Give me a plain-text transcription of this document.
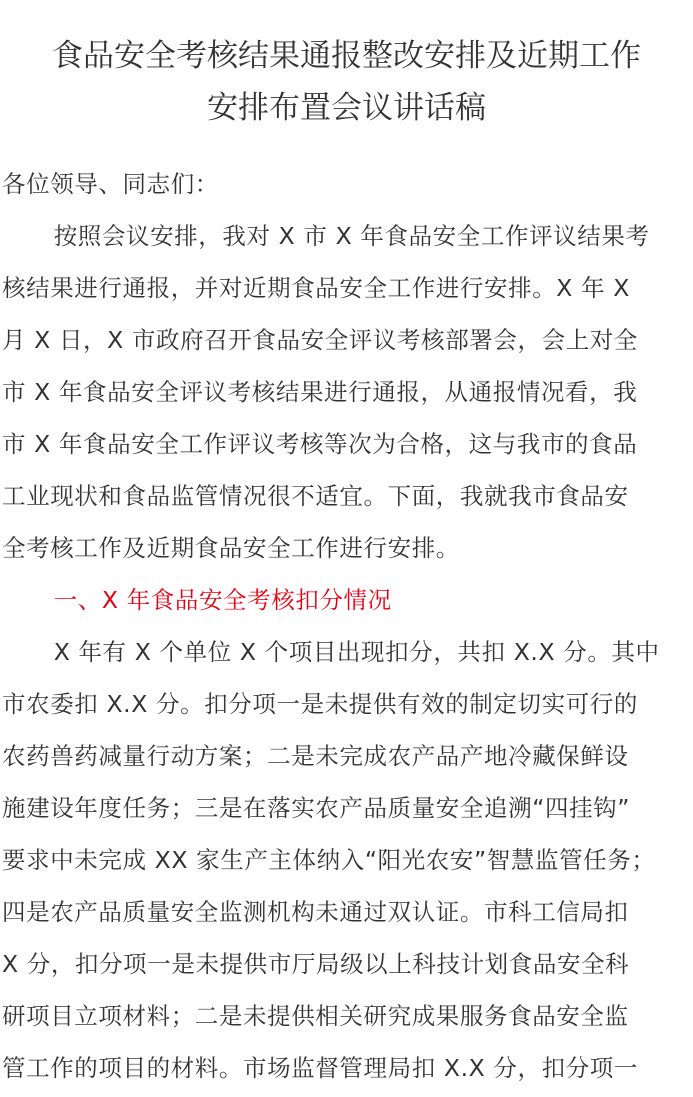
食品安全考核结果通报整改安排及近期工作
安排布置会议讲话稿

各位领导、同志们：

按照会议安排，我对 X 市 X 年食品安全工作评议结果考
核结果进行通报，并对近期食品安全工作进行安排。X 年 X
月 X 日，X 市政府召开食品安全评议考核部署会，会上对全
市 X 年食品安全评议考核结果进行通报，从通报情况看，我
市 X 年食品安全工作评议考核等次为合格，这与我市的食品
工业现状和食品监管情况很不适宜。下面，我就我市食品安
全考核工作及近期食品安全工作进行安排。

一、X 年食品安全考核扣分情况

X 年有 X 个单位 X 个项目出现扣分，共扣 X.X 分。其中
市农委扣 X.X 分。扣分项一是未提供有效的制定切实可行的
农药兽药减量行动方案；二是未完成农产品产地冷藏保鲜设
施建设年度任务；三是在落实农产品质量安全追溯“四挂钩”
要求中未完成 XX 家生产主体纳入“阳光农安”智慧监管任务；
四是农产品质量安全监测机构未通过双认证。市科工信局扣
X 分，扣分项一是未提供市厅局级以上科技计划食品安全科
研项目立项材料；二是未提供相关研究成果服务食品安全监
管工作的项目的材料。市场监督管理局扣 X.X 分，扣分项一
